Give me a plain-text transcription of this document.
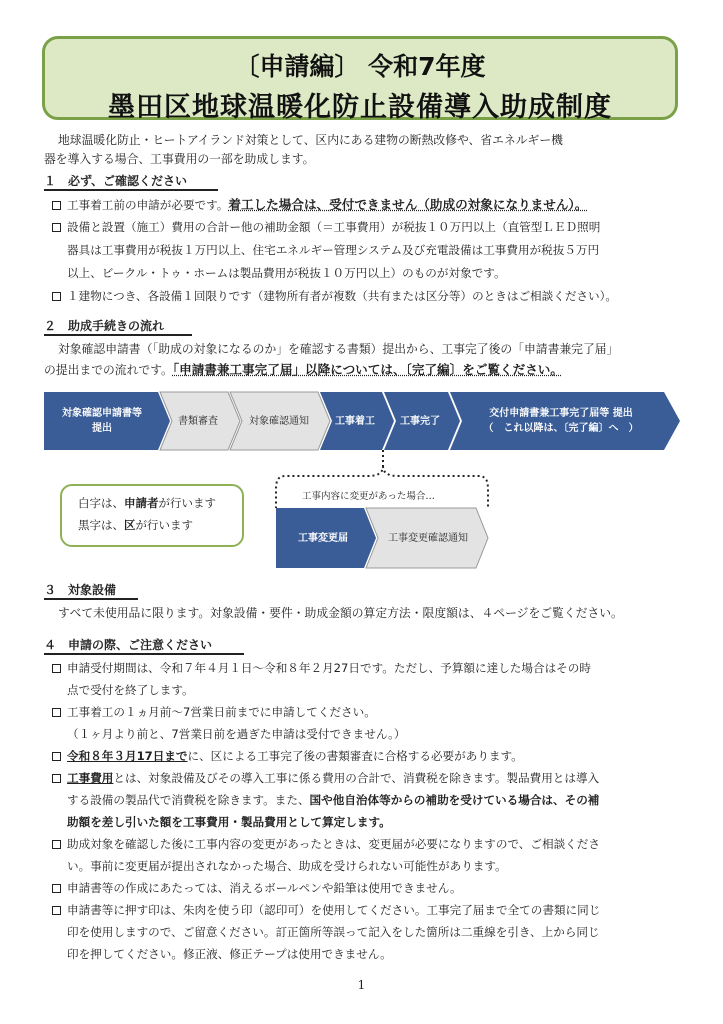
〔申請編〕 令和7年度
墨田区地球温暖化防止設備導入助成制度
地球温暖化防止・ヒートアイランド対策として、区内にある建物の断熱改修や、省エネルギー機
器を導入する場合、工事費用の一部を助成します。
１　必ず、ご確認ください
工事着工前の申請が必要です。着工した場合は、受付できません（助成の対象になりません）。
設備と設置（施工）費用の合計ー他の補助金額（＝工事費用）が税抜１０万円以上（直管型ＬＥＤ照明
器具は工事費用が税抜１万円以上、住宅エネルギー管理システム及び充電設備は工事費用が税抜５万円
以上、ビークル・トゥ・ホームは製品費用が税抜１０万円以上）のものが対象です。
１建物につき、各設備１回限りです（建物所有者が複数（共有または区分等）のときはご相談ください）。
２　助成手続きの流れ
対象確認申請書（「助成の対象になるのか」を確認する書類）提出から、工事完了後の「申請書兼完了届」
の提出までの流れです。「申請書兼工事完了届」以降については、〔完了編〕をご覧ください。
対象確認申請書等
提出
書類審査	対象確認通知	工事着工	工事完了
交付申請書兼工事完了届等 提出
（　これ以降は、〔完了編〕へ　）
工事内容に変更があった場合…
工事変更届	工事変更確認通知
白字は、申請者が行います
黒字は、区が行います
３　対象設備
すべて未使用品に限ります。対象設備・要件・助成金額の算定方法・限度額は、４ページをご覧ください。
４　申請の際、ご注意ください
申請受付期間は、令和７年４月１日～令和８年２月27日です。ただし、予算額に達した場合はその時
点で受付を終了します。
工事着工の１ヵ月前～7営業日前までに申請してください。
（１ヶ月より前と、7営業日前を過ぎた申請は受付できません。）
令和８年３月17日までに、区による工事完了後の書類審査に合格する必要があります。
工事費用とは、対象設備及びその導入工事に係る費用の合計で、消費税を除きます。製品費用とは導入
する設備の製品代で消費税を除きます。また、国や他自治体等からの補助を受けている場合は、その補
助額を差し引いた額を工事費用・製品費用として算定します。
助成対象を確認した後に工事内容の変更があったときは、変更届が必要になりますので、ご相談くださ
い。事前に変更届が提出されなかった場合、助成を受けられない可能性があります。
申請書等の作成にあたっては、消えるボールペンや鉛筆は使用できません。
申請書等に押す印は、朱肉を使う印（認印可）を使用してください。工事完了届まで全ての書類に同じ
印を使用しますので、ご留意ください。訂正箇所等誤って記入をした箇所は二重線を引き、上から同じ
印を押してください。修正液、修正テープは使用できません。
1
